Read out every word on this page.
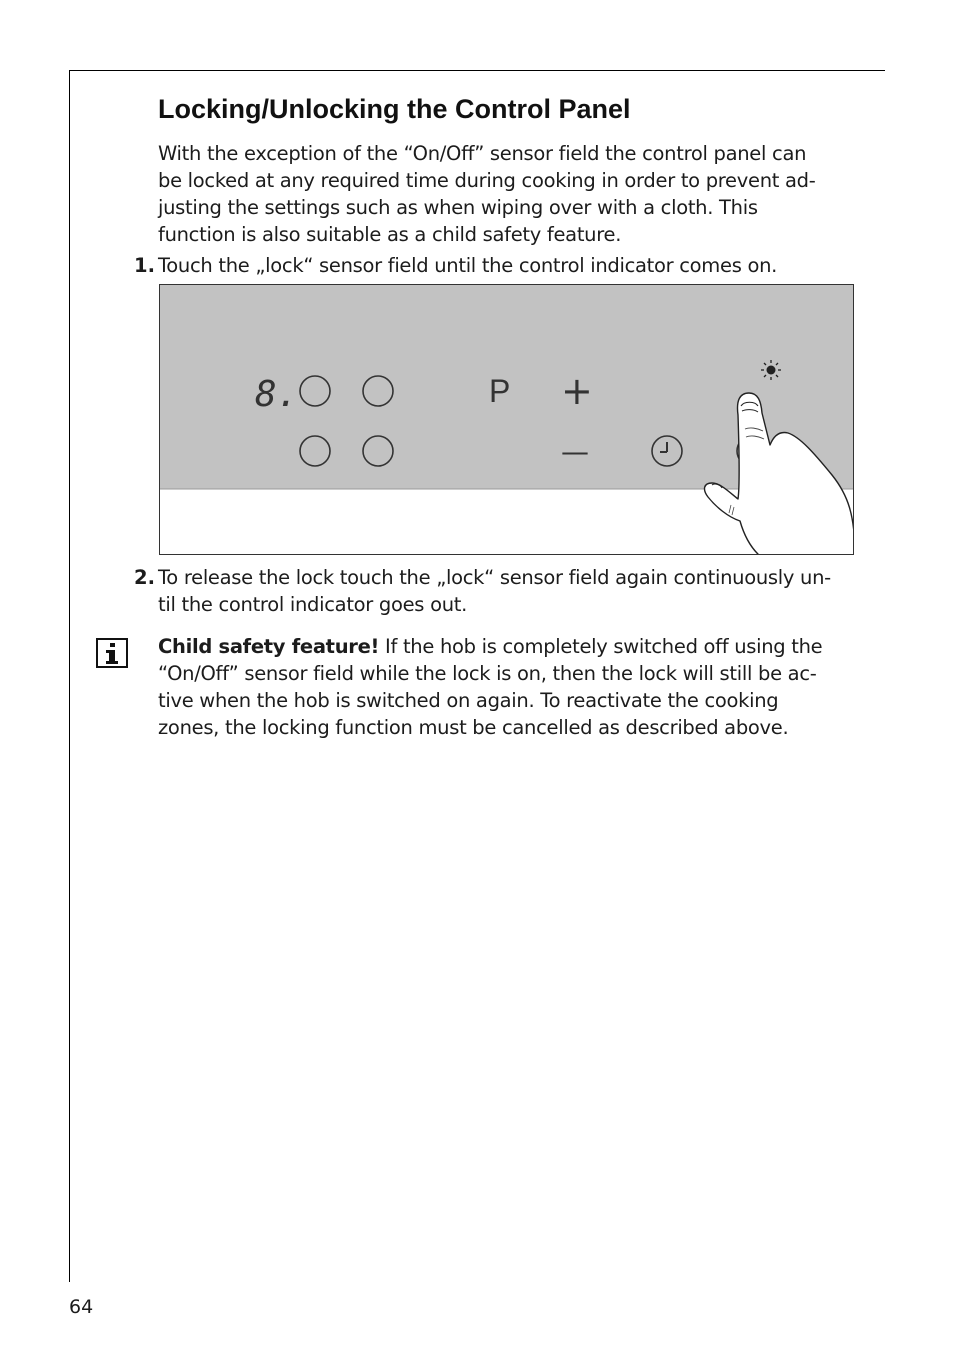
Locking/Unlocking the Control Panel

With the exception of the “On/Off” sensor field the control panel can
be locked at any required time during cooking in order to prevent ad-
justing the settings such as when wiping over with a cloth. This
function is also suitable as a child safety feature.

1. Touch the „lock“ sensor field until the control indicator comes on.

8.	P +
—
2. To release the lock touch the „lock“ sensor field again continuously un-
til the control indicator goes out.

Child safety feature! If the hob is completely switched off using the
“On/Off” sensor field while the lock is on, then the lock will still be ac-
tive when the hob is switched on again. To reactivate the cooking
zones, the locking function must be cancelled as described above.

64
